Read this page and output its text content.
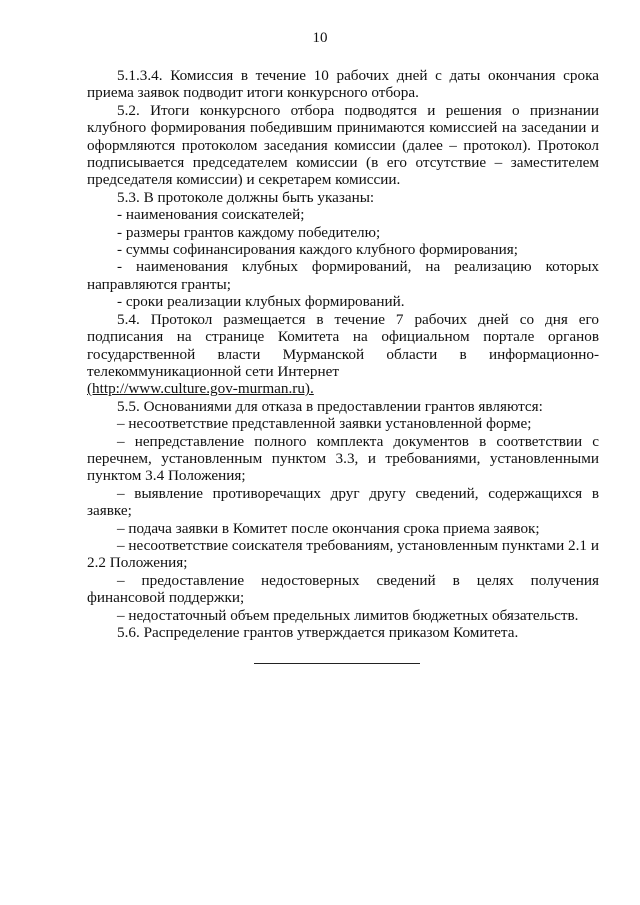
10

5.1.3.4. Комиссия в течение 10 рабочих дней с даты окончания срока приема заявок подводит итоги конкурсного отбора.

5.2. Итоги конкурсного отбора подводятся и решения о признании клубного формирования победившим принимаются комиссией на заседании и оформляются протоколом заседания комиссии (далее – протокол). Протокол подписывается председателем комиссии (в его отсутствие – заместителем председателя комиссии) и секретарем комиссии.

5.3. В протоколе должны быть указаны:

- наименования соискателей;

- размеры грантов каждому победителю;

- суммы софинансирования каждого клубного формирования;

- наименования клубных формирований, на реализацию которых направляются гранты;

- сроки реализации клубных формирований.

5.4. Протокол размещается в течение 7 рабочих дней со дня его подписания на странице Комитета на официальном портале органов государственной власти Мурманской области в информационно-телекоммуникационной сети Интернет

(http://www.culture.gov-murman.ru).

5.5. Основаниями для отказа в предоставлении грантов являются:

– несоответствие представленной заявки установленной форме;

– непредставление полного комплекта документов в соответствии с перечнем, установленным пунктом 3.3, и требованиями, установленными пунктом 3.4 Положения;

– выявление противоречащих друг другу сведений, содержащихся в заявке;

– подача заявки в Комитет после окончания срока приема заявок;

– несоответствие соискателя требованиям, установленным пунктами 2.1 и 2.2 Положения;

– предоставление недостоверных сведений в целях получения финансовой поддержки;

– недостаточный объем предельных лимитов бюджетных обязательств.

5.6. Распределение грантов утверждается приказом Комитета.
